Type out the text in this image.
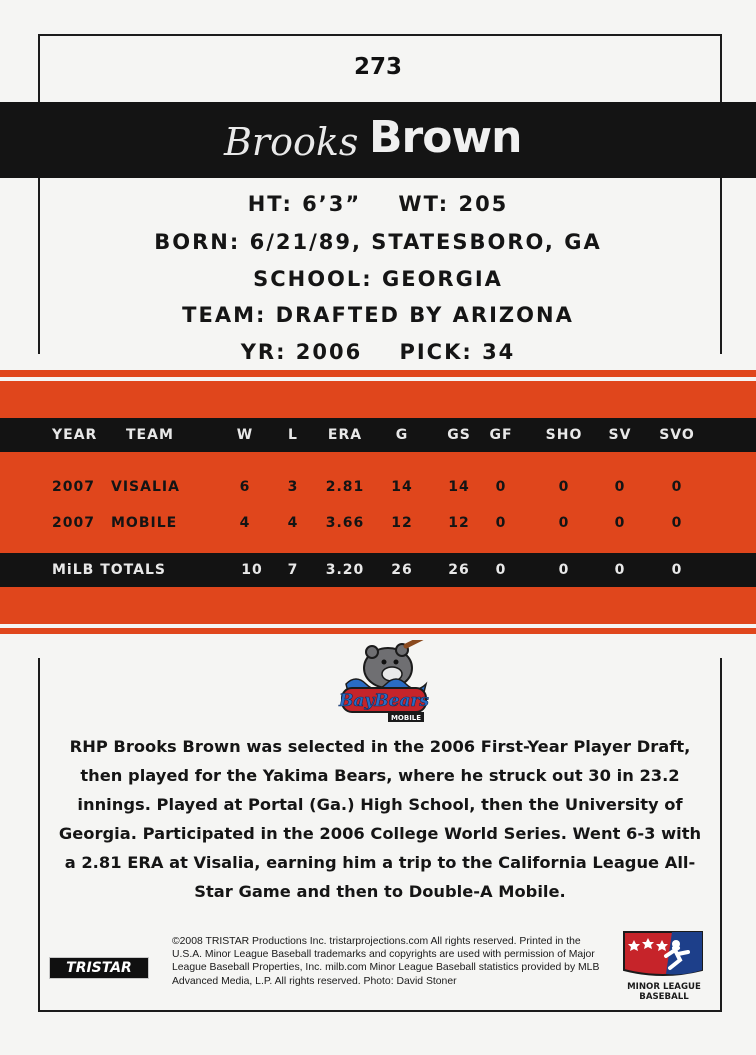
273
Brooks Brown
HT: 6’3”    WT: 205
BORN: 6/21/89, STATESBORO, GA
SCHOOL: GEORGIA
TEAM: DRAFTED BY ARIZONA
YR: 2006    PICK: 34
YEAR TEAM	W L ERA G	GS GF SHO SV SVO
2007 VISALIA	6	3 2.81 14	14 0	0	0	0
2007 MOBILE	4	4 3.66 12	12 0	0	0	0
MiLB TOTALS	10 7 3.20 26	26 0	0	0	0
BayBears
MOBILE
RHP Brooks Brown was selected in the 2006 First-Year Player Draft, then played for the Yakima Bears, where he struck out 30 in 23.2 innings. Played at Portal (Ga.) High School, then the University of Georgia. Participated in the 2006 College World Series. Went 6-3 with a 2.81 ERA at Visalia, earning him a trip to the California League All-Star Game and then to Double-A Mobile.
TRISTAR
©2008 TRISTAR Productions Inc. tristarprojections.com All rights reserved. Printed in the U.S.A. Minor League Baseball trademarks and copyrights are used with permission of Major League Baseball Properties, Inc. milb.com Minor League Baseball statistics provided by MLB Advanced Media, L.P. All rights reserved. Photo: David Stoner
MINOR LEAGUE
BASEBALL
